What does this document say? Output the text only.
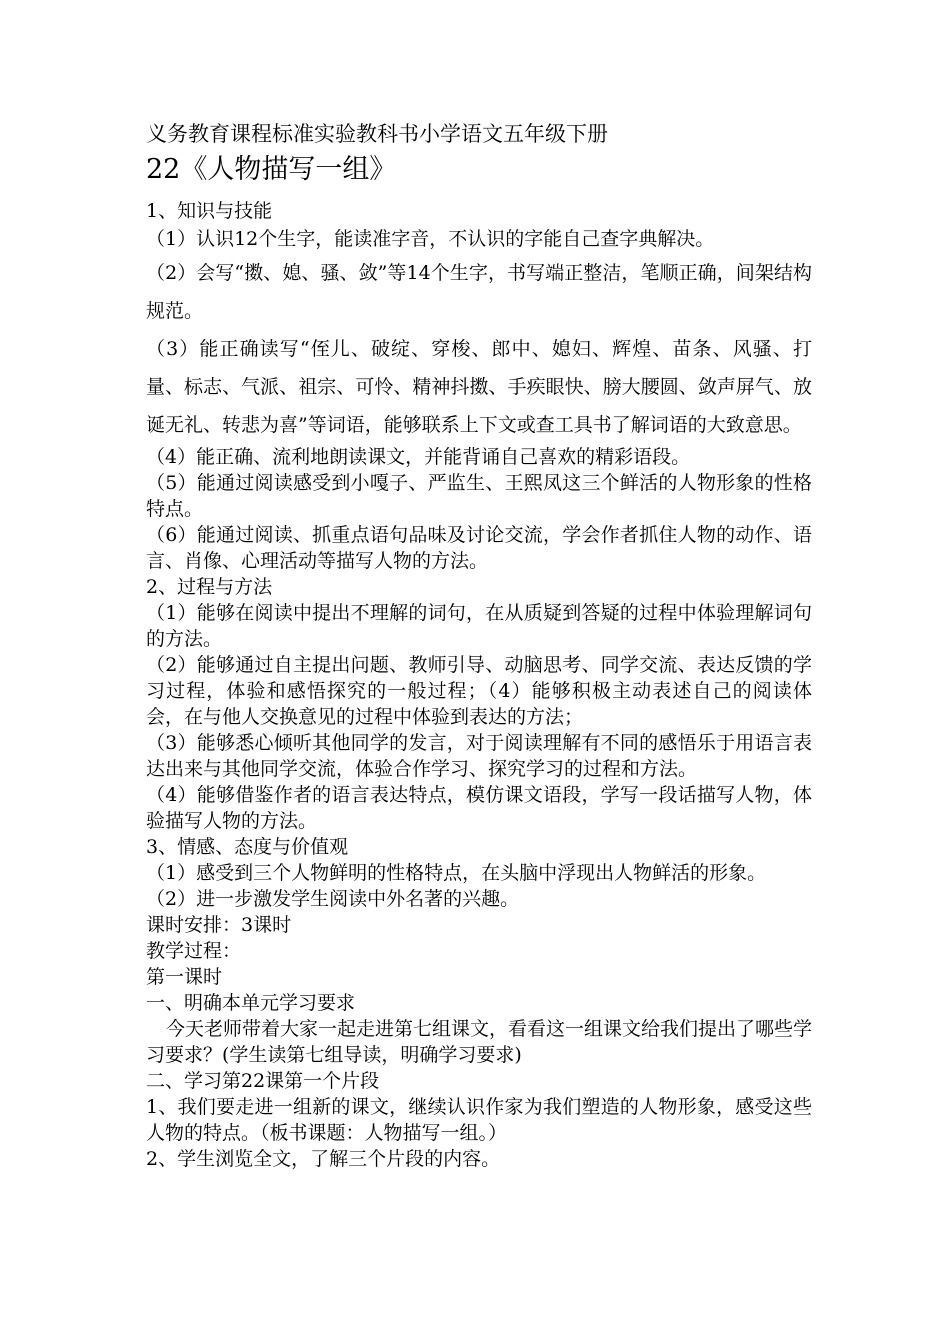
义务教育课程标准实验教科书小学语文五年级下册

22《人物描写一组》

1、知识与技能

（1）认识12个生字，能读准字音，不认识的字能自己查字典解决。

（2）会写“擞、媳、骚、敛”等14个生字，书写端正整洁，笔顺正确，间架结构规范。

（3）能正确读写“侄儿、破绽、穿梭、郎中、媳妇、辉煌、苗条、风骚、打量、标志、气派、祖宗、可怜、精神抖擞、手疾眼快、膀大腰圆、敛声屏气、放诞无礼、转悲为喜”等词语，能够联系上下文或查工具书了解词语的大致意思。

（4）能正确、流利地朗读课文，并能背诵自己喜欢的精彩语段。

（5）能通过阅读感受到小嘎子、严监生、王熙凤这三个鲜活的人物形象的性格特点。

（6）能通过阅读、抓重点语句品味及讨论交流，学会作者抓住人物的动作、语言、肖像、心理活动等描写人物的方法。

2、过程与方法

（1）能够在阅读中提出不理解的词句，在从质疑到答疑的过程中体验理解词句的方法。

（2）能够通过自主提出问题、教师引导、动脑思考、同学交流、表达反馈的学习过程，体验和感悟探究的一般过程；（4）能够积极主动表述自己的阅读体会，在与他人交换意见的过程中体验到表达的方法；

（3）能够悉心倾听其他同学的发言，对于阅读理解有不同的感悟乐于用语言表达出来与其他同学交流，体验合作学习、探究学习的过程和方法。

（4）能够借鉴作者的语言表达特点，模仿课文语段，学写一段话描写人物，体验描写人物的方法。

3、情感、态度与价值观

（1）感受到三个人物鲜明的性格特点，在头脑中浮现出人物鲜活的形象。

（2）进一步激发学生阅读中外名著的兴趣。

课时安排：3课时

教学过程：

第一课时

一、明确本单元学习要求

今天老师带着大家一起走进第七组课文，看看这一组课文给我们提出了哪些学习要求？(学生读第七组导读，明确学习要求)

二、学习第22课第一个片段

1、我们要走进一组新的课文，继续认识作家为我们塑造的人物形象，感受这些人物的特点。（板书课题：人物描写一组。）

2、学生浏览全文，了解三个片段的内容。
